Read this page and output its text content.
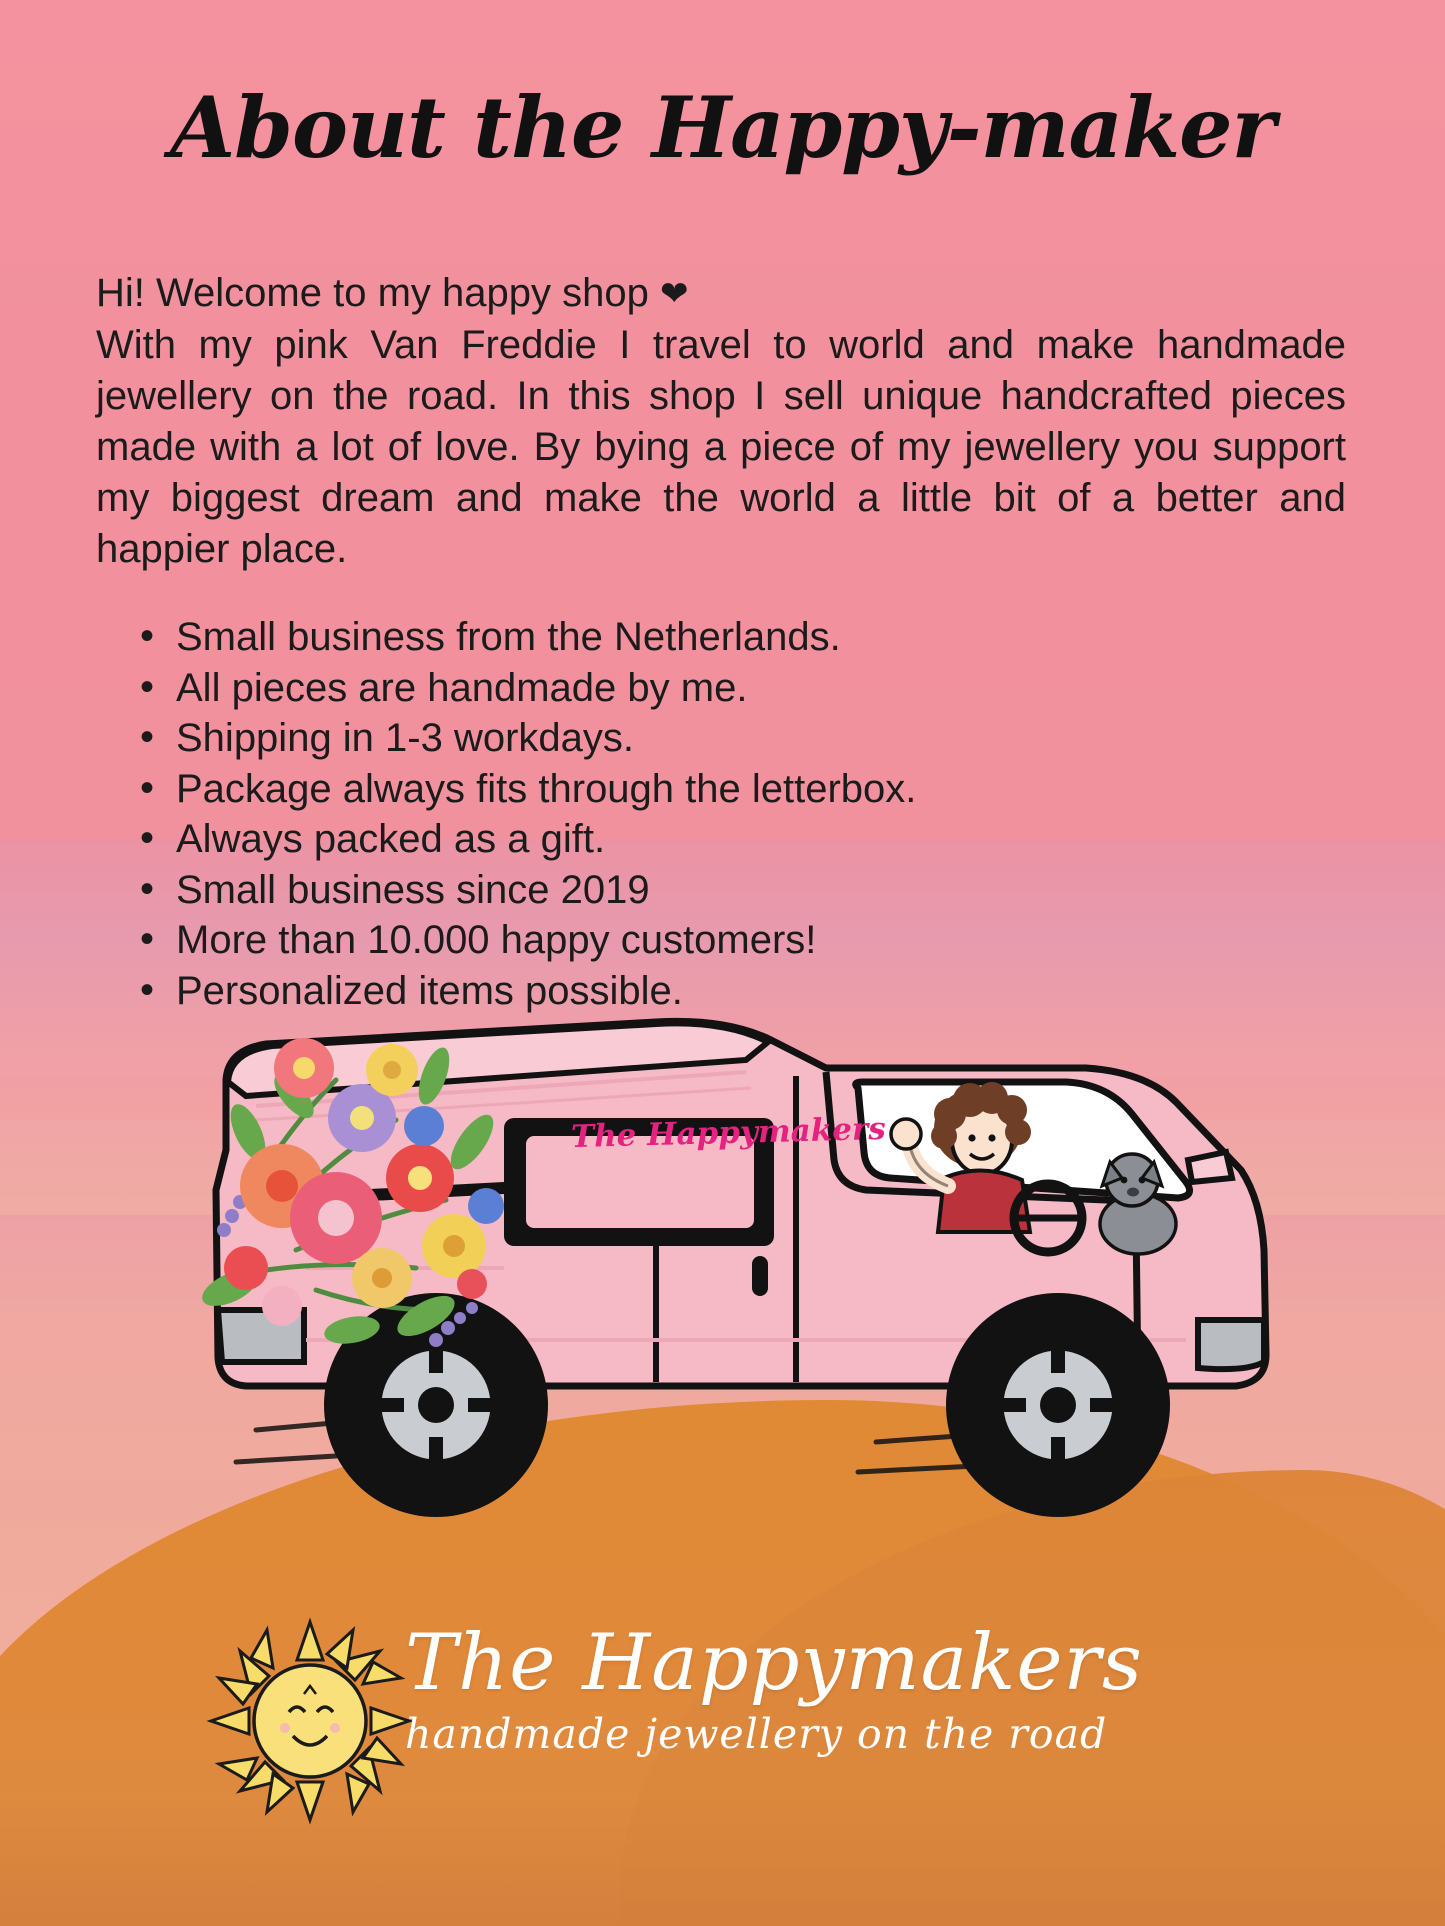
About the Happy-maker
Hi! Welcome to my happy shop ❤

With my pink Van Freddie I travel to world and make handmade jewellery on the road. In this shop I sell unique handcrafted pieces made with a lot of love. By bying a piece of my jewellery you support my biggest dream and make the world a little bit of a better and happier place.

• Small business from the Netherlands.
• All pieces are handmade by me.
• Shipping in 1-3 workdays.
• Package always fits through the letterbox.
• Always packed as a gift.
• Small business since 2019
• More than 10.000 happy customers!
• Personalized items possible.
The Happymakers
The Happymakers
handmade jewellery on the road
